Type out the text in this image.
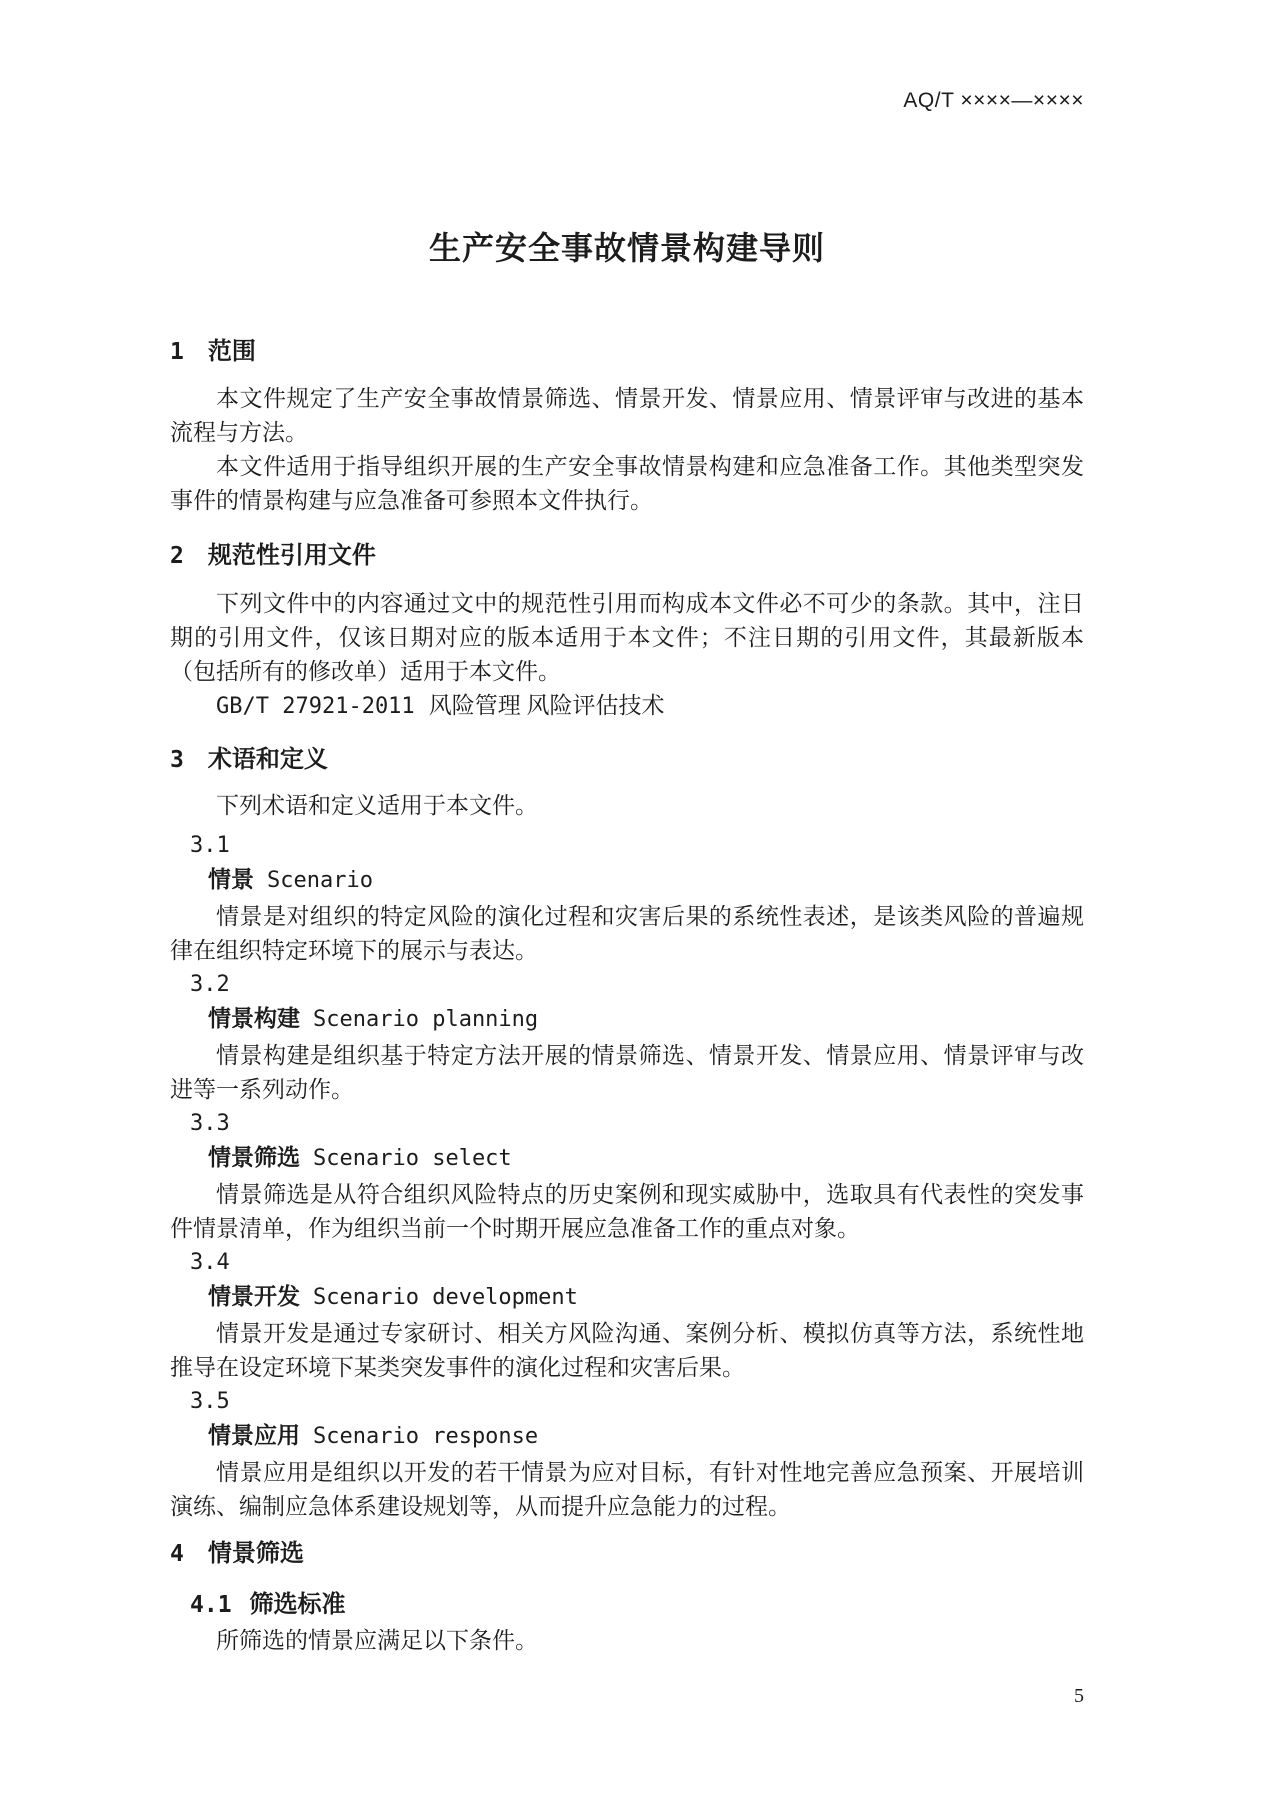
AQ/T ××××—××××
生产安全事故情景构建导则
1 范围

本文件规定了生产安全事故情景筛选、情景开发、情景应用、情景评审与改进的基本流程与方法。

本文件适用于指导组织开展的生产安全事故情景构建和应急准备工作。其他类型突发事件的情景构建与应急准备可参照本文件执行。

2 规范性引用文件

下列文件中的内容通过文中的规范性引用而构成本文件必不可少的条款。其中，注日期的引用文件，仅该日期对应的版本适用于本文件；不注日期的引用文件，其最新版本（包括所有的修改单）适用于本文件。

GB/T 27921-2011 风险管理 风险评估技术

3 术语和定义

下列术语和定义适用于本文件。

3.1
情景 Scenario

情景是对组织的特定风险的演化过程和灾害后果的系统性表述，是该类风险的普遍规律在组织特定环境下的展示与表达。

3.2
情景构建 Scenario planning

情景构建是组织基于特定方法开展的情景筛选、情景开发、情景应用、情景评审与改进等一系列动作。

3.3
情景筛选 Scenario select

情景筛选是从符合组织风险特点的历史案例和现实威胁中，选取具有代表性的突发事件情景清单，作为组织当前一个时期开展应急准备工作的重点对象。

3.4
情景开发 Scenario development

情景开发是通过专家研讨、相关方风险沟通、案例分析、模拟仿真等方法，系统性地推导在设定环境下某类突发事件的演化过程和灾害后果。

3.5
情景应用 Scenario response

情景应用是组织以开发的若干情景为应对目标，有针对性地完善应急预案、开展培训演练、编制应急体系建设规划等，从而提升应急能力的过程。

4 情景筛选
4.1 筛选标准

所筛选的情景应满足以下条件。

5
